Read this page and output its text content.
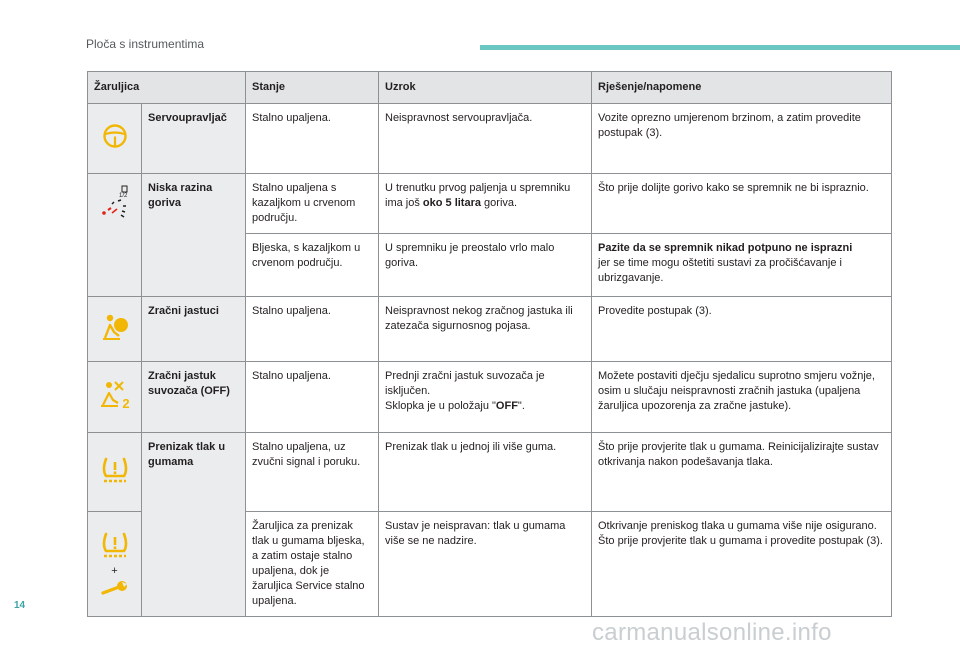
Ploča s instrumentima
Žaruljica		Stanje	Uzrok	Rješenje/napomene

!	Servoupravljač	Stalno upaljena.	Neispravnost servoupravljača.	Vozite oprezno umjerenom brzinom, a zatim provedite postupak (3).

1/2	Niska razina goriva	Stalno upaljena s kazaljkom u crvenom području.	U trenutku prvog paljenja u spremniku ima još oko 5 litara goriva.	Što prije dolijte gorivo kako se spremnik ne bi ispraznio.
		Bljeska, s kazaljkom u crvenom području.	U spremniku je preostalo vrlo malo goriva.	Pazite da se spremnik nikad potpuno ne isprazni
jer se time mogu oštetiti sustavi za pročišćavanje i ubrizgavanje.
	Zračni jastuci	Stalno upaljena.	Neispravnost nekog zračnog jastuka ili zatezača sigurnosnog pojasa.	Provedite postupak (3).

2	Zračni jastuk suvozača (OFF)	Stalno upaljena.	Prednji zračni jastuk suvozača je isključen.
Sklopka je u položaju "OFF".	Možete postaviti dječju sjedalicu suprotno smjeru vožnje, osim u slučaju neispravnosti zračnih jastuka (upaljena žaruljica upozorenja za zračne jastuke).
	Prenizak tlak u gumama	Stalno upaljena, uz zvučni signal i poruku.	Prenizak tlak u jednoj ili više guma.	Što prije provjerite tlak u gumama. Reinicijalizirajte sustav otkrivanja nakon podešavanja tlaka.

+		Žaruljica za prenizak tlak u gumama bljeska, a zatim ostaje stalno upaljena, dok je žaruljica Service stalno upaljena.	Sustav je neispravan: tlak u gumama više se ne nadzire.	Otkrivanje preniskog tlaka u gumama više nije osigurano.
Što prije provjerite tlak u gumama i provedite postupak (3).
14
carmanualsonline.info
